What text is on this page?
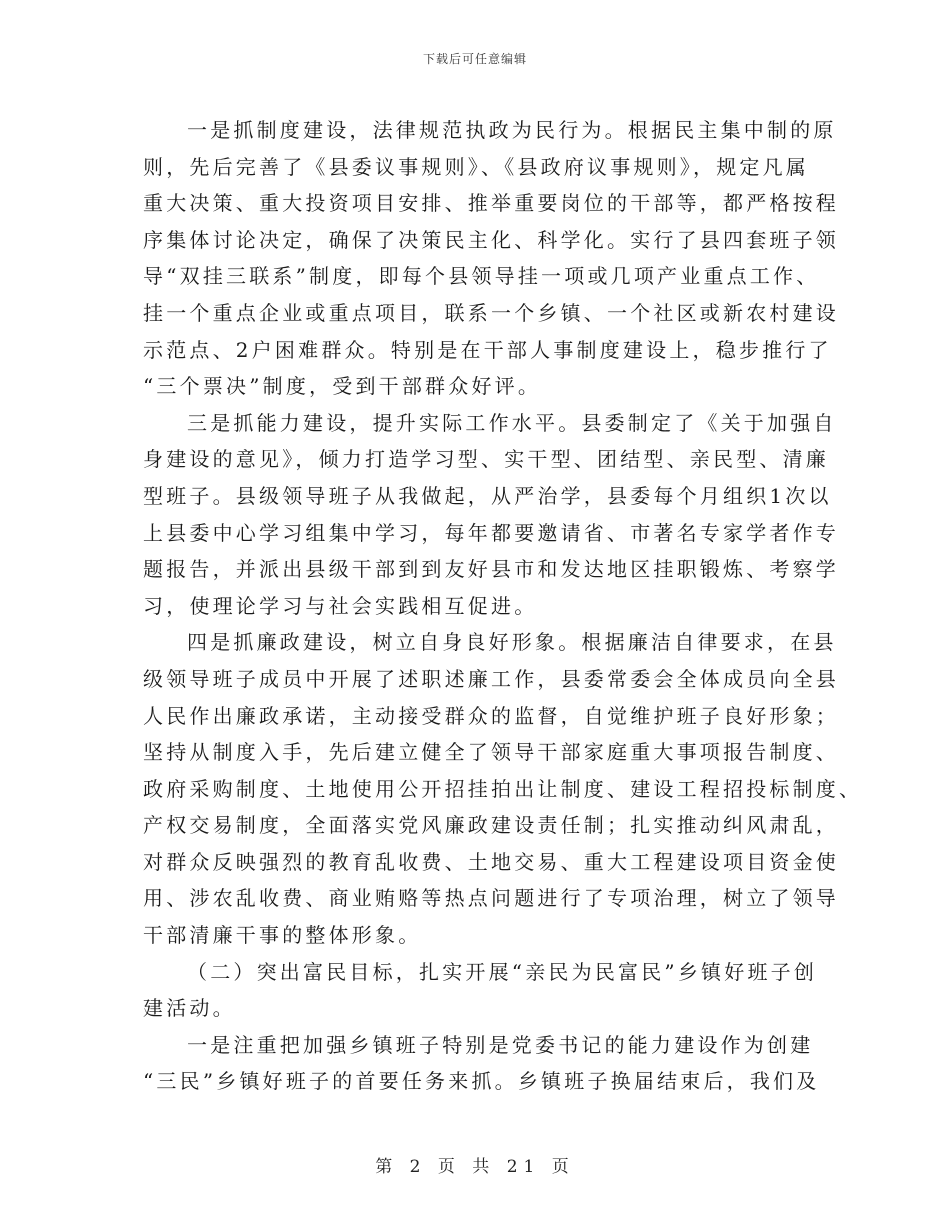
下载后可任意编辑
一是抓制度建设，法律规范执政为民行为。根据民主集中制的原
则，先后完善了《县委议事规则》、《县政府议事规则》，规定凡属
重大决策、重大投资项目安排、推举重要岗位的干部等，都严格按程
序集体讨论决定，确保了决策民主化、科学化。实行了县四套班子领
导“双挂三联系”制度，即每个县领导挂一项或几项产业重点工作、
挂一个重点企业或重点项目，联系一个乡镇、一个社区或新农村建设
示范点、2户困难群众。特别是在干部人事制度建设上，稳步推行了
“三个票决”制度，受到干部群众好评。
三是抓能力建设，提升实际工作水平。县委制定了《关于加强自
身建设的意见》，倾力打造学习型、实干型、团结型、亲民型、清廉
型班子。县级领导班子从我做起，从严治学，县委每个月组织1次以
上县委中心学习组集中学习，每年都要邀请省、市著名专家学者作专
题报告，并派出县级干部到到友好县市和发达地区挂职锻炼、考察学
习，使理论学习与社会实践相互促进。
四是抓廉政建设，树立自身良好形象。根据廉洁自律要求，在县
级领导班子成员中开展了述职述廉工作，县委常委会全体成员向全县
人民作出廉政承诺，主动接受群众的监督，自觉维护班子良好形象；
坚持从制度入手，先后建立健全了领导干部家庭重大事项报告制度、
政府采购制度、土地使用公开招挂拍出让制度、建设工程招投标制度、
产权交易制度，全面落实党风廉政建设责任制；扎实推动纠风肃乱，
对群众反映强烈的教育乱收费、土地交易、重大工程建设项目资金使
用、涉农乱收费、商业贿赂等热点问题进行了专项治理，树立了领导
干部清廉干事的整体形象。
（二）突出富民目标，扎实开展“亲民为民富民”乡镇好班子创
建活动。
一是注重把加强乡镇班子特别是党委书记的能力建设作为创建
“三民”乡镇好班子的首要任务来抓。乡镇班子换届结束后，我们及
第 2 页 共 21 页
